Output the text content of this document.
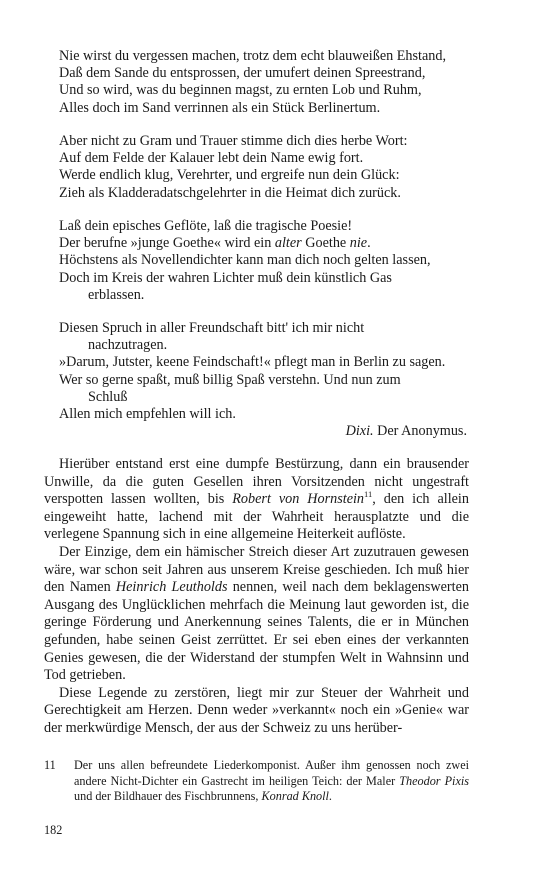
Nie wirst du vergessen machen, trotz dem echt blauweißen Ehstand,
Daß dem Sande du entsprossen, der umufert deinen Spreestrand,
Und so wird, was du beginnen magst, zu ernten Lob und Ruhm,
Alles doch im Sand verrinnen als ein Stück Berlinertum.
Aber nicht zu Gram und Trauer stimme dich dies herbe Wort:
Auf dem Felde der Kalauer lebt dein Name ewig fort.
Werde endlich klug, Verehrter, und ergreife nun dein Glück:
Zieh als Kladderadatschgelehrter in die Heimat dich zurück.
Laß dein episches Geflöte, laß die tragische Poesie!
Der berufne »junge Goethe« wird ein alter Goethe nie.
Höchstens als Novellendichter kann man dich noch gelten lassen,
Doch im Kreis der wahren Lichter muß dein künstlich Gas
erblassen.
Diesen Spruch in aller Freundschaft bitt' ich mir nicht
nachzutragen.
»Darum, Jutster, keene Feindschaft!« pflegt man in Berlin zu sagen.
Wer so gerne spaßt, muß billig Spaß verstehn. Und nun zum
Schluß
Allen mich empfehlen will ich.
Dixi. Der Anonymus.

Hierüber entstand erst eine dumpfe Bestürzung, dann ein brausender Unwille, da die guten Gesellen ihren Vorsitzenden nicht ungestraft verspotten lassen wollten, bis Robert von Hornstein$^{11}$, den ich allein eingeweiht hatte, lachend mit der Wahrheit herausplatzte und die verlegene Spannung sich in eine allgemeine Heiterkeit auflöste.

Der Einzige, dem ein hämischer Streich dieser Art zuzutrauen gewesen wäre, war schon seit Jahren aus unserem Kreise geschieden. Ich muß hier den Namen Heinrich Leutholds nennen, weil nach dem beklagenswerten Ausgang des Unglücklichen mehrfach die Meinung laut geworden ist, die geringe Förderung und Anerkennung seines Talents, die er in München gefunden, habe seinen Geist zerrüttet. Er sei eben eines der verkannten Genies gewesen, die der Widerstand der stumpfen Welt in Wahnsinn und Tod getrieben.

Diese Legende zu zerstören, liegt mir zur Steuer der Wahrheit und Gerechtigkeit am Herzen. Denn weder »verkannt« noch ein »Genie« war der merkwürdige Mensch, der aus der Schweiz zu uns herüber-

11 Der uns allen befreundete Liederkomponist. Außer ihm genossen noch zwei andere Nicht-Dichter ein Gastrecht im heiligen Teich: der Maler Theodor Pixis und der Bildhauer des Fischbrunnens, Konrad Knoll.
182
